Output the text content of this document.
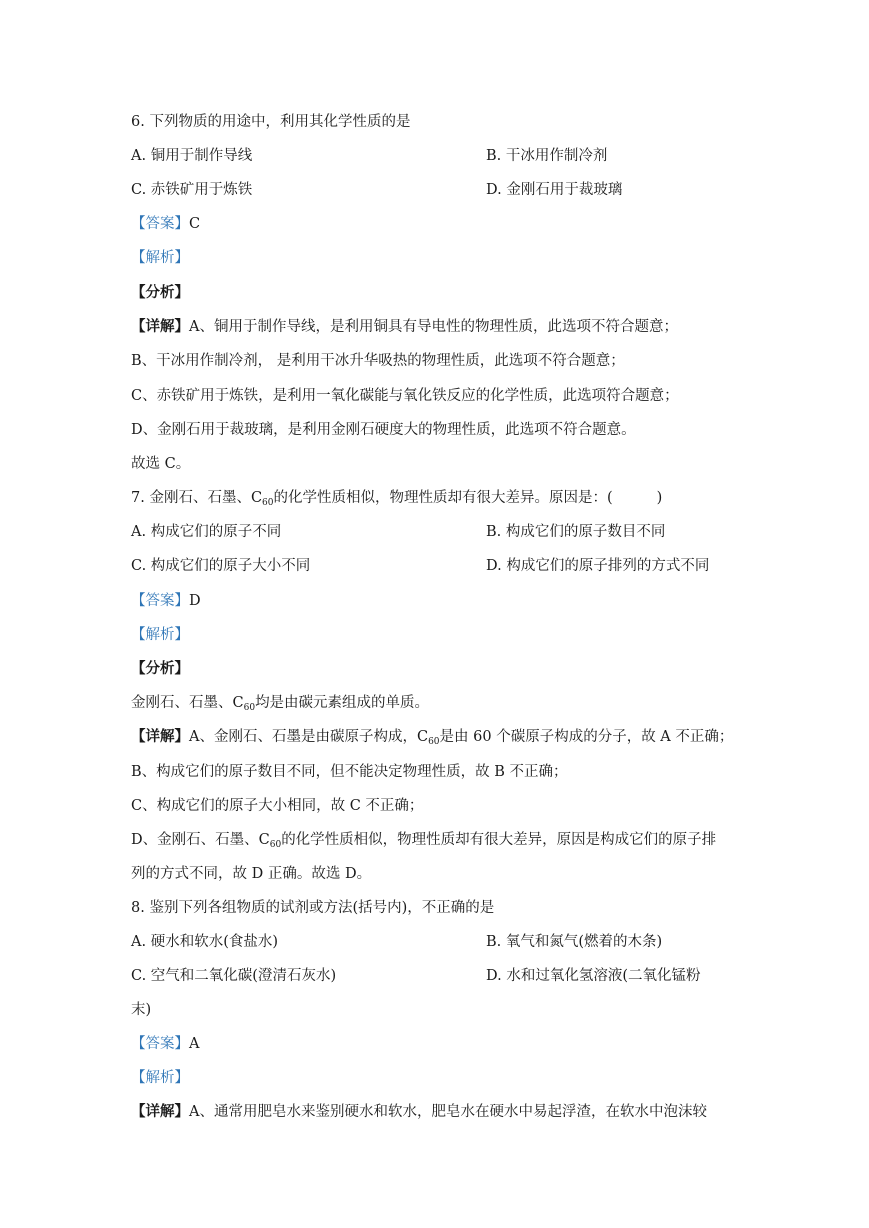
6. 下列物质的用途中，利用其化学性质的是
A. 铜用于制作导线	B. 干冰用作制冷剂
C. 赤铁矿用于炼铁	D. 金刚石用于裁玻璃
【答案】C
【解析】
【分析】
【详解】A、铜用于制作导线，是利用铜具有导电性的物理性质，此选项不符合题意；
B、干冰用作制冷剂， 是利用干冰升华吸热的物理性质，此选项不符合题意；
C、赤铁矿用于炼铁，是利用一氧化碳能与氧化铁反应的化学性质，此选项符合题意；
D、金刚石用于裁玻璃，是利用金刚石硬度大的物理性质，此选项不符合题意。
故选 C。
7. 金刚石、石墨、$C_{60}$的化学性质相似，物理性质却有很大差异。原因是：(	)
A. 构成它们的原子不同	B. 构成它们的原子数目不同
C. 构成它们的原子大小不同	D. 构成它们的原子排列的方式不同
【答案】D
【解析】
【分析】
金刚石、石墨、$C_{60}$均是由碳元素组成的单质。
【详解】A、金刚石、石墨是由碳原子构成，$C_{60}$是由 60 个碳原子构成的分子，故 A 不正确；
B、构成它们的原子数目不同，但不能决定物理性质，故 B 不正确；
C、构成它们的原子大小相同，故 C 不正确；
D、金刚石、石墨、$C_{60}$的化学性质相似，物理性质却有很大差异，原因是构成它们的原子排
列的方式不同，故 D 正确。故选 D。
8. 鉴别下列各组物质的试剂或方法(括号内)，不正确的是
A. 硬水和软水(食盐水)	B. 氧气和氮气(燃着的木条)
C. 空气和二氧化碳(澄清石灰水)	D. 水和过氧化氢溶液(二氧化锰粉
末)
【答案】A
【解析】
【详解】A、通常用肥皂水来鉴别硬水和软水，肥皂水在硬水中易起浮渣，在软水中泡沫较
